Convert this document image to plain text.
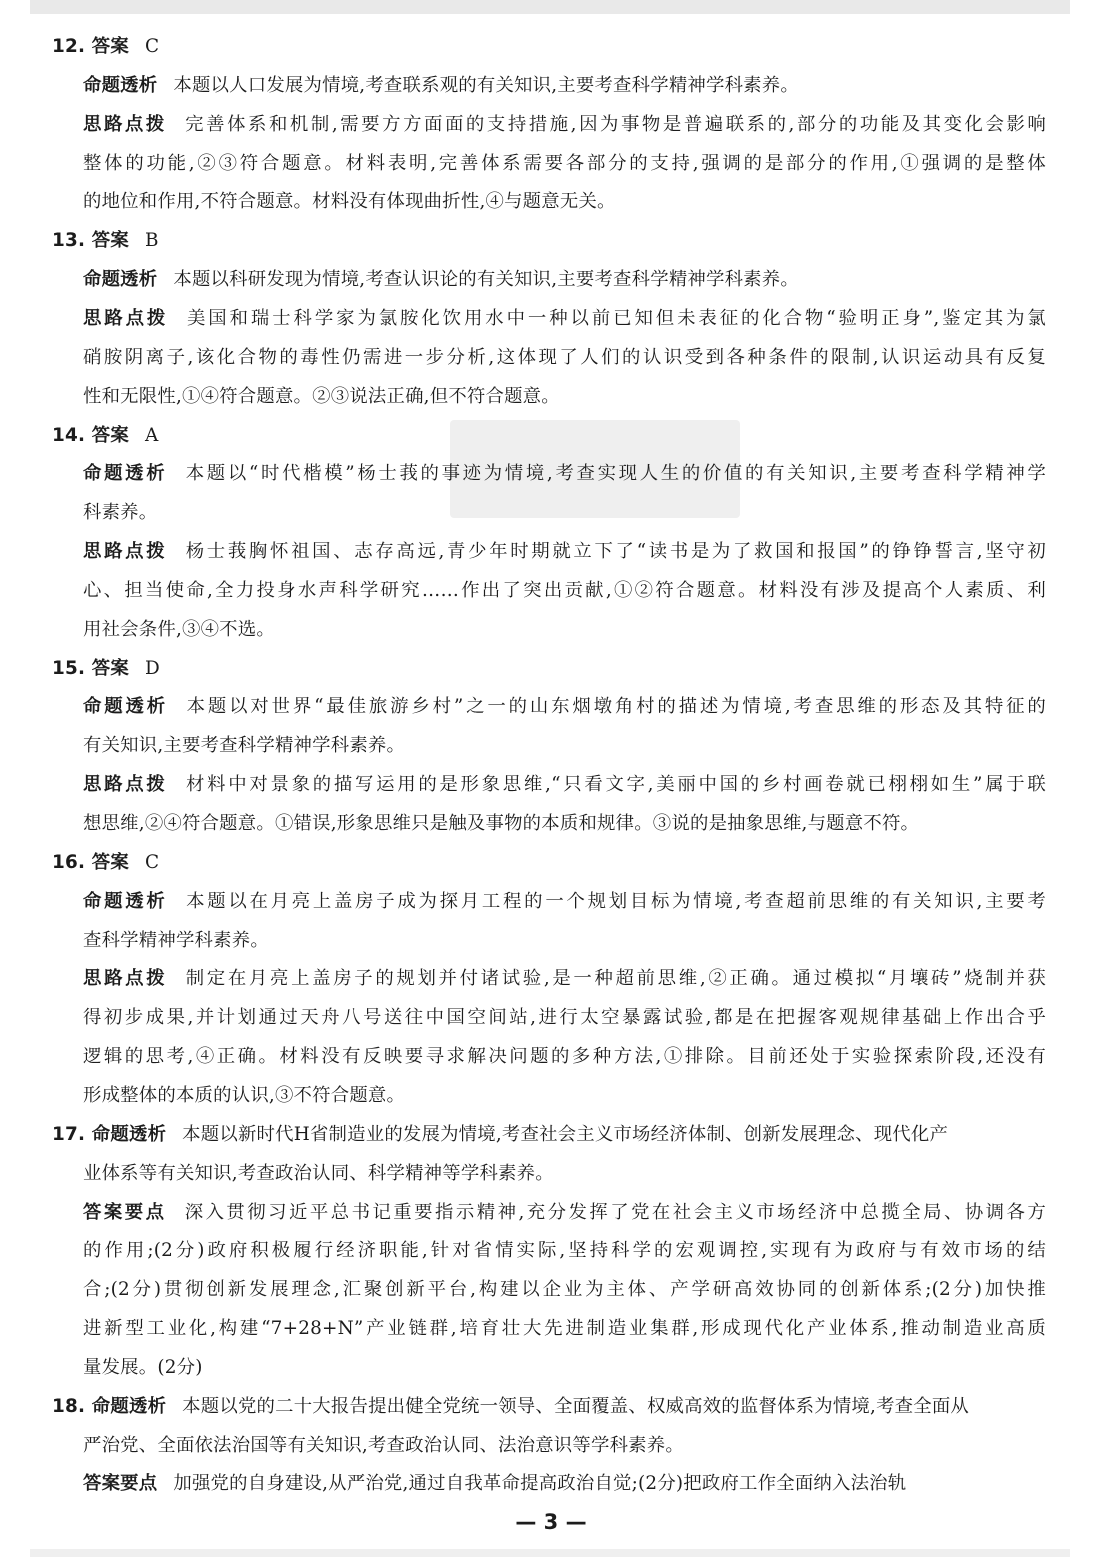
12. 答案 C
命题透析 本题以人口发展为情境,考查联系观的有关知识,主要考查科学精神学科素养。
思路点拨 完善体系和机制,需要方方面面的支持措施,因为事物是普遍联系的,部分的功能及其变化会影响
整体的功能,②③符合题意。材料表明,完善体系需要各部分的支持,强调的是部分的作用,①强调的是整体
的地位和作用,不符合题意。材料没有体现曲折性,④与题意无关。
13. 答案 B
命题透析 本题以科研发现为情境,考查认识论的有关知识,主要考查科学精神学科素养。
思路点拨 美国和瑞士科学家为氯胺化饮用水中一种以前已知但未表征的化合物“验明正身”,鉴定其为氯
硝胺阴离子,该化合物的毒性仍需进一步分析,这体现了人们的认识受到各种条件的限制,认识运动具有反复
性和无限性,①④符合题意。②③说法正确,但不符合题意。
14. 答案 A
命题透析 本题以“时代楷模”杨士莪的事迹为情境,考查实现人生的价值的有关知识,主要考查科学精神学
科素养。
思路点拨 杨士莪胸怀祖国、志存高远,青少年时期就立下了“读书是为了救国和报国”的铮铮誓言,坚守初
心、担当使命,全力投身水声科学研究……作出了突出贡献,①②符合题意。材料没有涉及提高个人素质、利
用社会条件,③④不选。
15. 答案 D
命题透析 本题以对世界“最佳旅游乡村”之一的山东烟墩角村的描述为情境,考查思维的形态及其特征的
有关知识,主要考查科学精神学科素养。
思路点拨 材料中对景象的描写运用的是形象思维,“只看文字,美丽中国的乡村画卷就已栩栩如生”属于联
想思维,②④符合题意。①错误,形象思维只是触及事物的本质和规律。③说的是抽象思维,与题意不符。
16. 答案 C
命题透析 本题以在月亮上盖房子成为探月工程的一个规划目标为情境,考查超前思维的有关知识,主要考
查科学精神学科素养。
思路点拨 制定在月亮上盖房子的规划并付诸试验,是一种超前思维,②正确。通过模拟“月壤砖”烧制并获
得初步成果,并计划通过天舟八号送往中国空间站,进行太空暴露试验,都是在把握客观规律基础上作出合乎
逻辑的思考,④正确。材料没有反映要寻求解决问题的多种方法,①排除。目前还处于实验探索阶段,还没有
形成整体的本质的认识,③不符合题意。
17. 命题透析 本题以新时代H省制造业的发展为情境,考查社会主义市场经济体制、创新发展理念、现代化产
业体系等有关知识,考查政治认同、科学精神等学科素养。
答案要点 深入贯彻习近平总书记重要指示精神,充分发挥了党在社会主义市场经济中总揽全局、协调各方
的作用;(2分)政府积极履行经济职能,针对省情实际,坚持科学的宏观调控,实现有为政府与有效市场的结
合;(2分)贯彻创新发展理念,汇聚创新平台,构建以企业为主体、产学研高效协同的创新体系;(2分)加快推
进新型工业化,构建“7+28+N”产业链群,培育壮大先进制造业集群,形成现代化产业体系,推动制造业高质
量发展。(2分)
18. 命题透析 本题以党的二十大报告提出健全党统一领导、全面覆盖、权威高效的监督体系为情境,考查全面从
严治党、全面依法治国等有关知识,考查政治认同、法治意识等学科素养。
答案要点 加强党的自身建设,从严治党,通过自我革命提高政治自觉;(2分)把政府工作全面纳入法治轨
— 3 —
